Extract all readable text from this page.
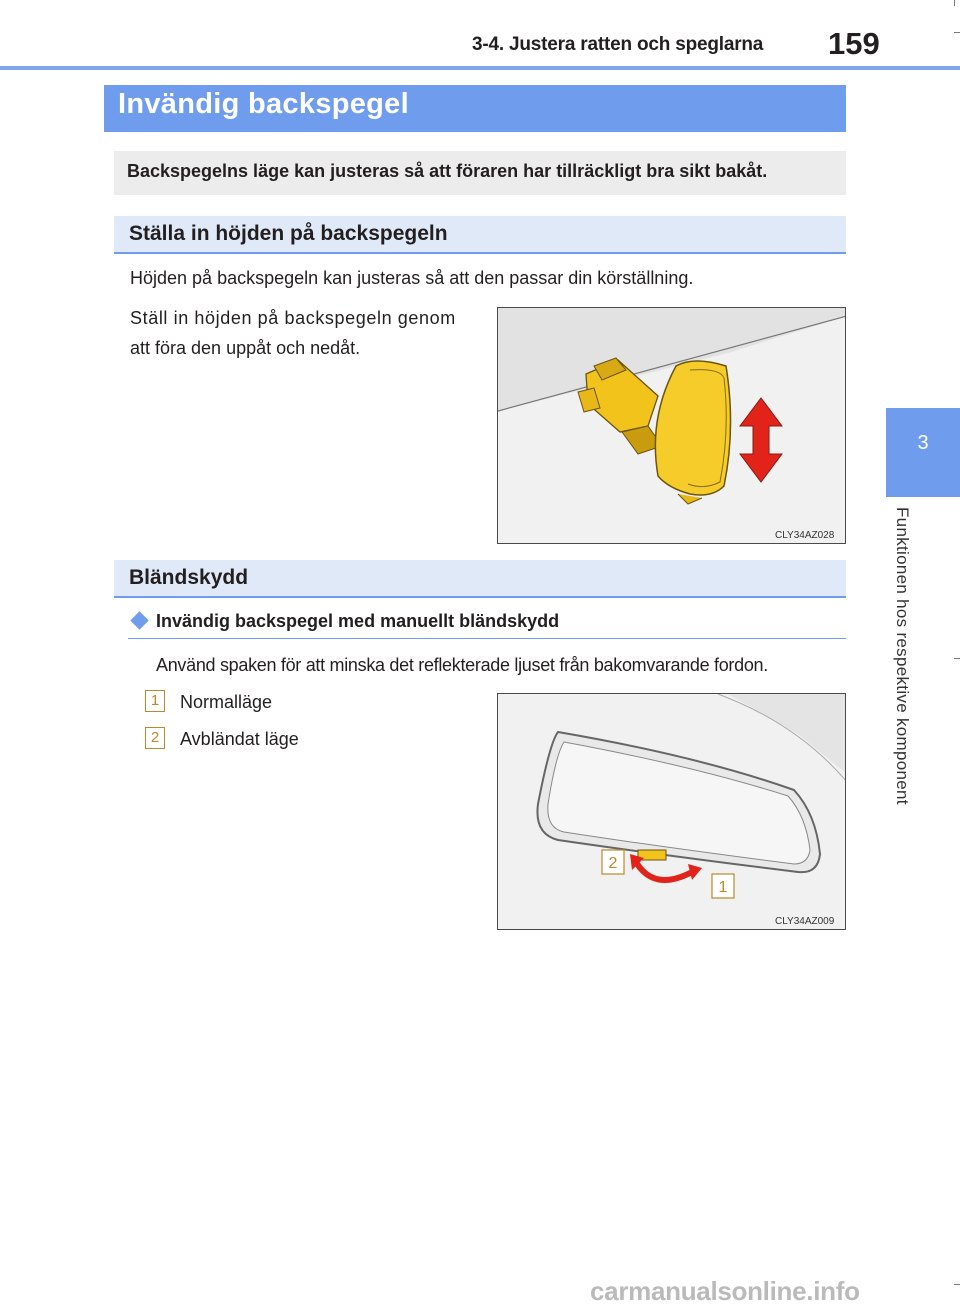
3-4. Justera ratten och speglarna 159
Invändig backspegel
Backspegelns läge kan justeras så att föraren har tillräckligt bra sikt bakåt.
Ställa in höjden på backspegeln
Höjden på backspegeln kan justeras så att den passar din körställning.
Ställ in höjden på backspegeln genom
att föra den uppåt och nedåt.
CLY34AZ028
Bländskydd
Invändig backspegel med manuellt bländskydd
Använd spaken för att minska det reflekterade ljuset från bakomvarande fordon.
1	Normalläge
2	Avbländat läge
2
1
CLY34AZ009
3
Funktionen hos respektive komponent
carmanualsonline.info
